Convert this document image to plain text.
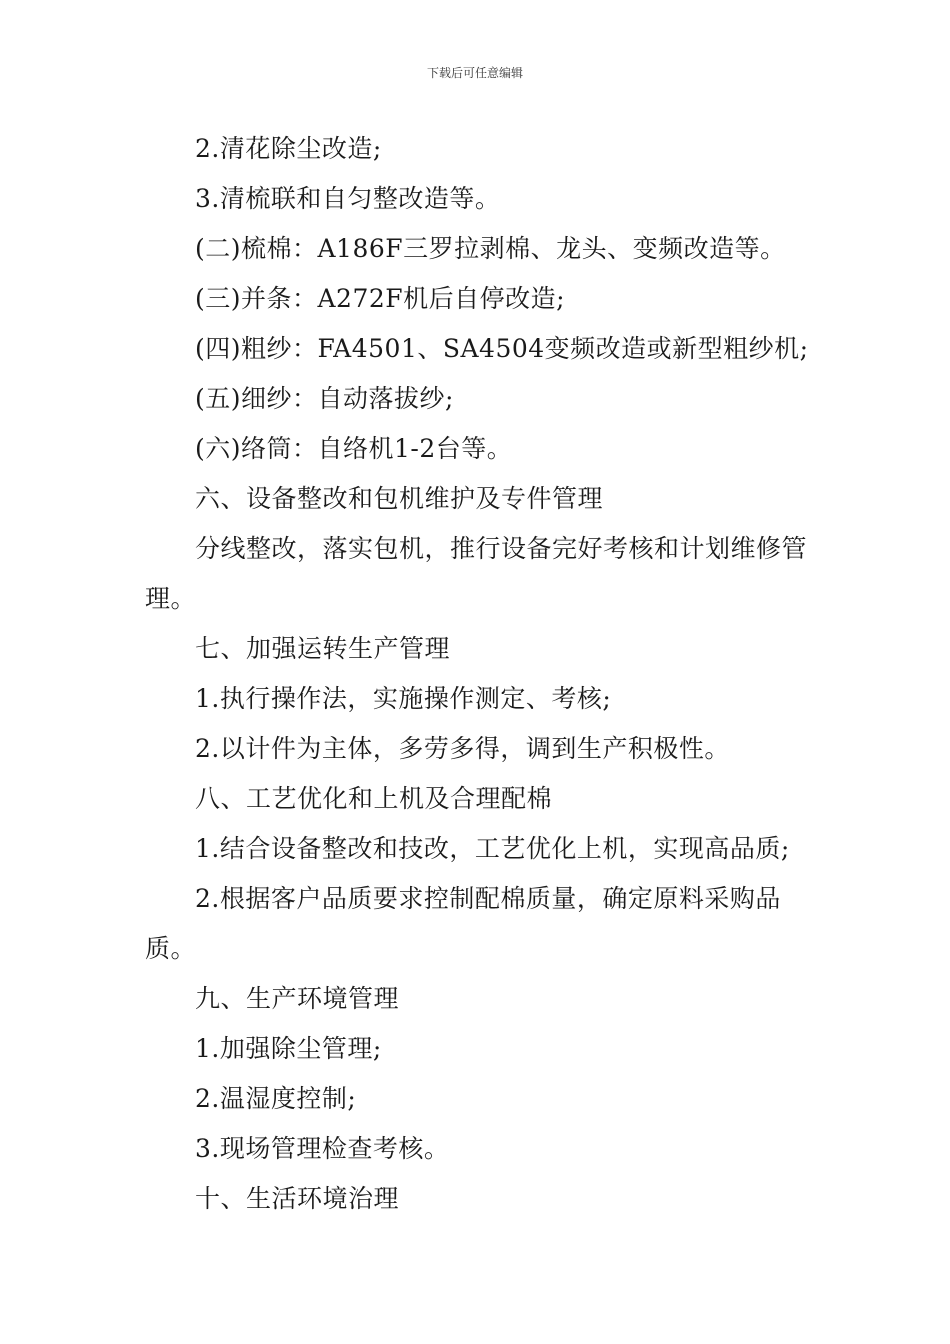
下载后可任意编辑

2.清花除尘改造;

3.清梳联和自匀整改造等。

(二)梳棉：A186F三罗拉剥棉、龙头、变频改造等。

(三)并条：A272F机后自停改造;

(四)粗纱：FA4501、SA4504变频改造或新型粗纱机;

(五)细纱：自动落拔纱;

(六)络筒：自络机1-2台等。

六、设备整改和包机维护及专件管理

分线整改，落实包机，推行设备完好考核和计划维修管理。

七、加强运转生产管理

1.执行操作法，实施操作测定、考核;

2.以计件为主体，多劳多得，调到生产积极性。

八、工艺优化和上机及合理配棉

1.结合设备整改和技改，工艺优化上机，实现高品质;

2.根据客户品质要求控制配棉质量，确定原料采购品质。

九、生产环境管理

1.加强除尘管理;

2.温湿度控制;

3.现场管理检查考核。

十、生活环境治理
